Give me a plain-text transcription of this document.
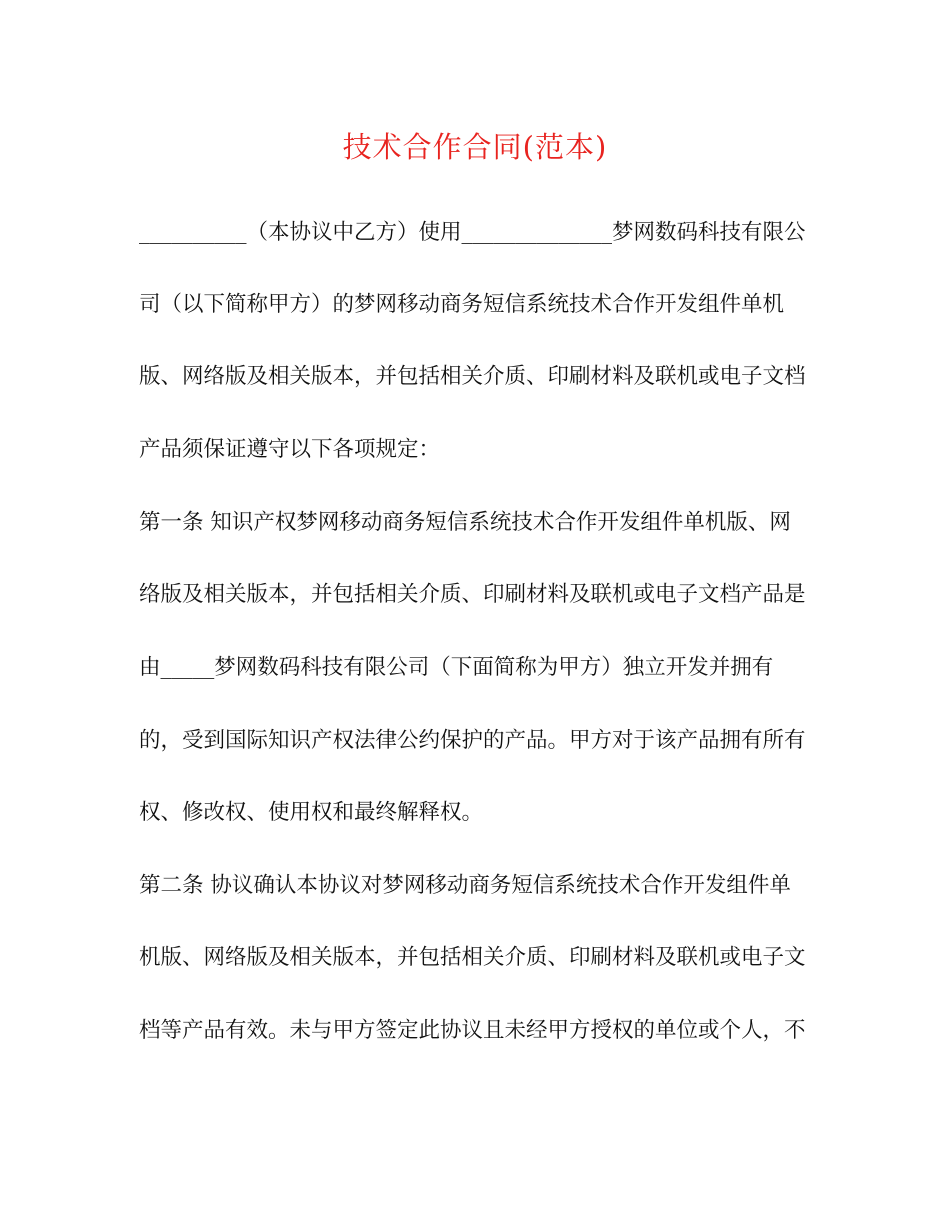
技术合作合同(范本)
__________（本协议中乙方）使用______________梦网数码科技有限公
司（以下简称甲方）的梦网移动商务短信系统技术合作开发组件单机
版、网络版及相关版本，并包括相关介质、印刷材料及联机或电子文档
产品须保证遵守以下各项规定：
第一条 知识产权梦网移动商务短信系统技术合作开发组件单机版、网
络版及相关版本，并包括相关介质、印刷材料及联机或电子文档产品是
由_____梦网数码科技有限公司（下面简称为甲方）独立开发并拥有
的，受到国际知识产权法律公约保护的产品。甲方对于该产品拥有所有
权、修改权、使用权和最终解释权。
第二条 协议确认本协议对梦网移动商务短信系统技术合作开发组件单
机版、网络版及相关版本，并包括相关介质、印刷材料及联机或电子文
档等产品有效。未与甲方签定此协议且未经甲方授权的单位或个人，不
